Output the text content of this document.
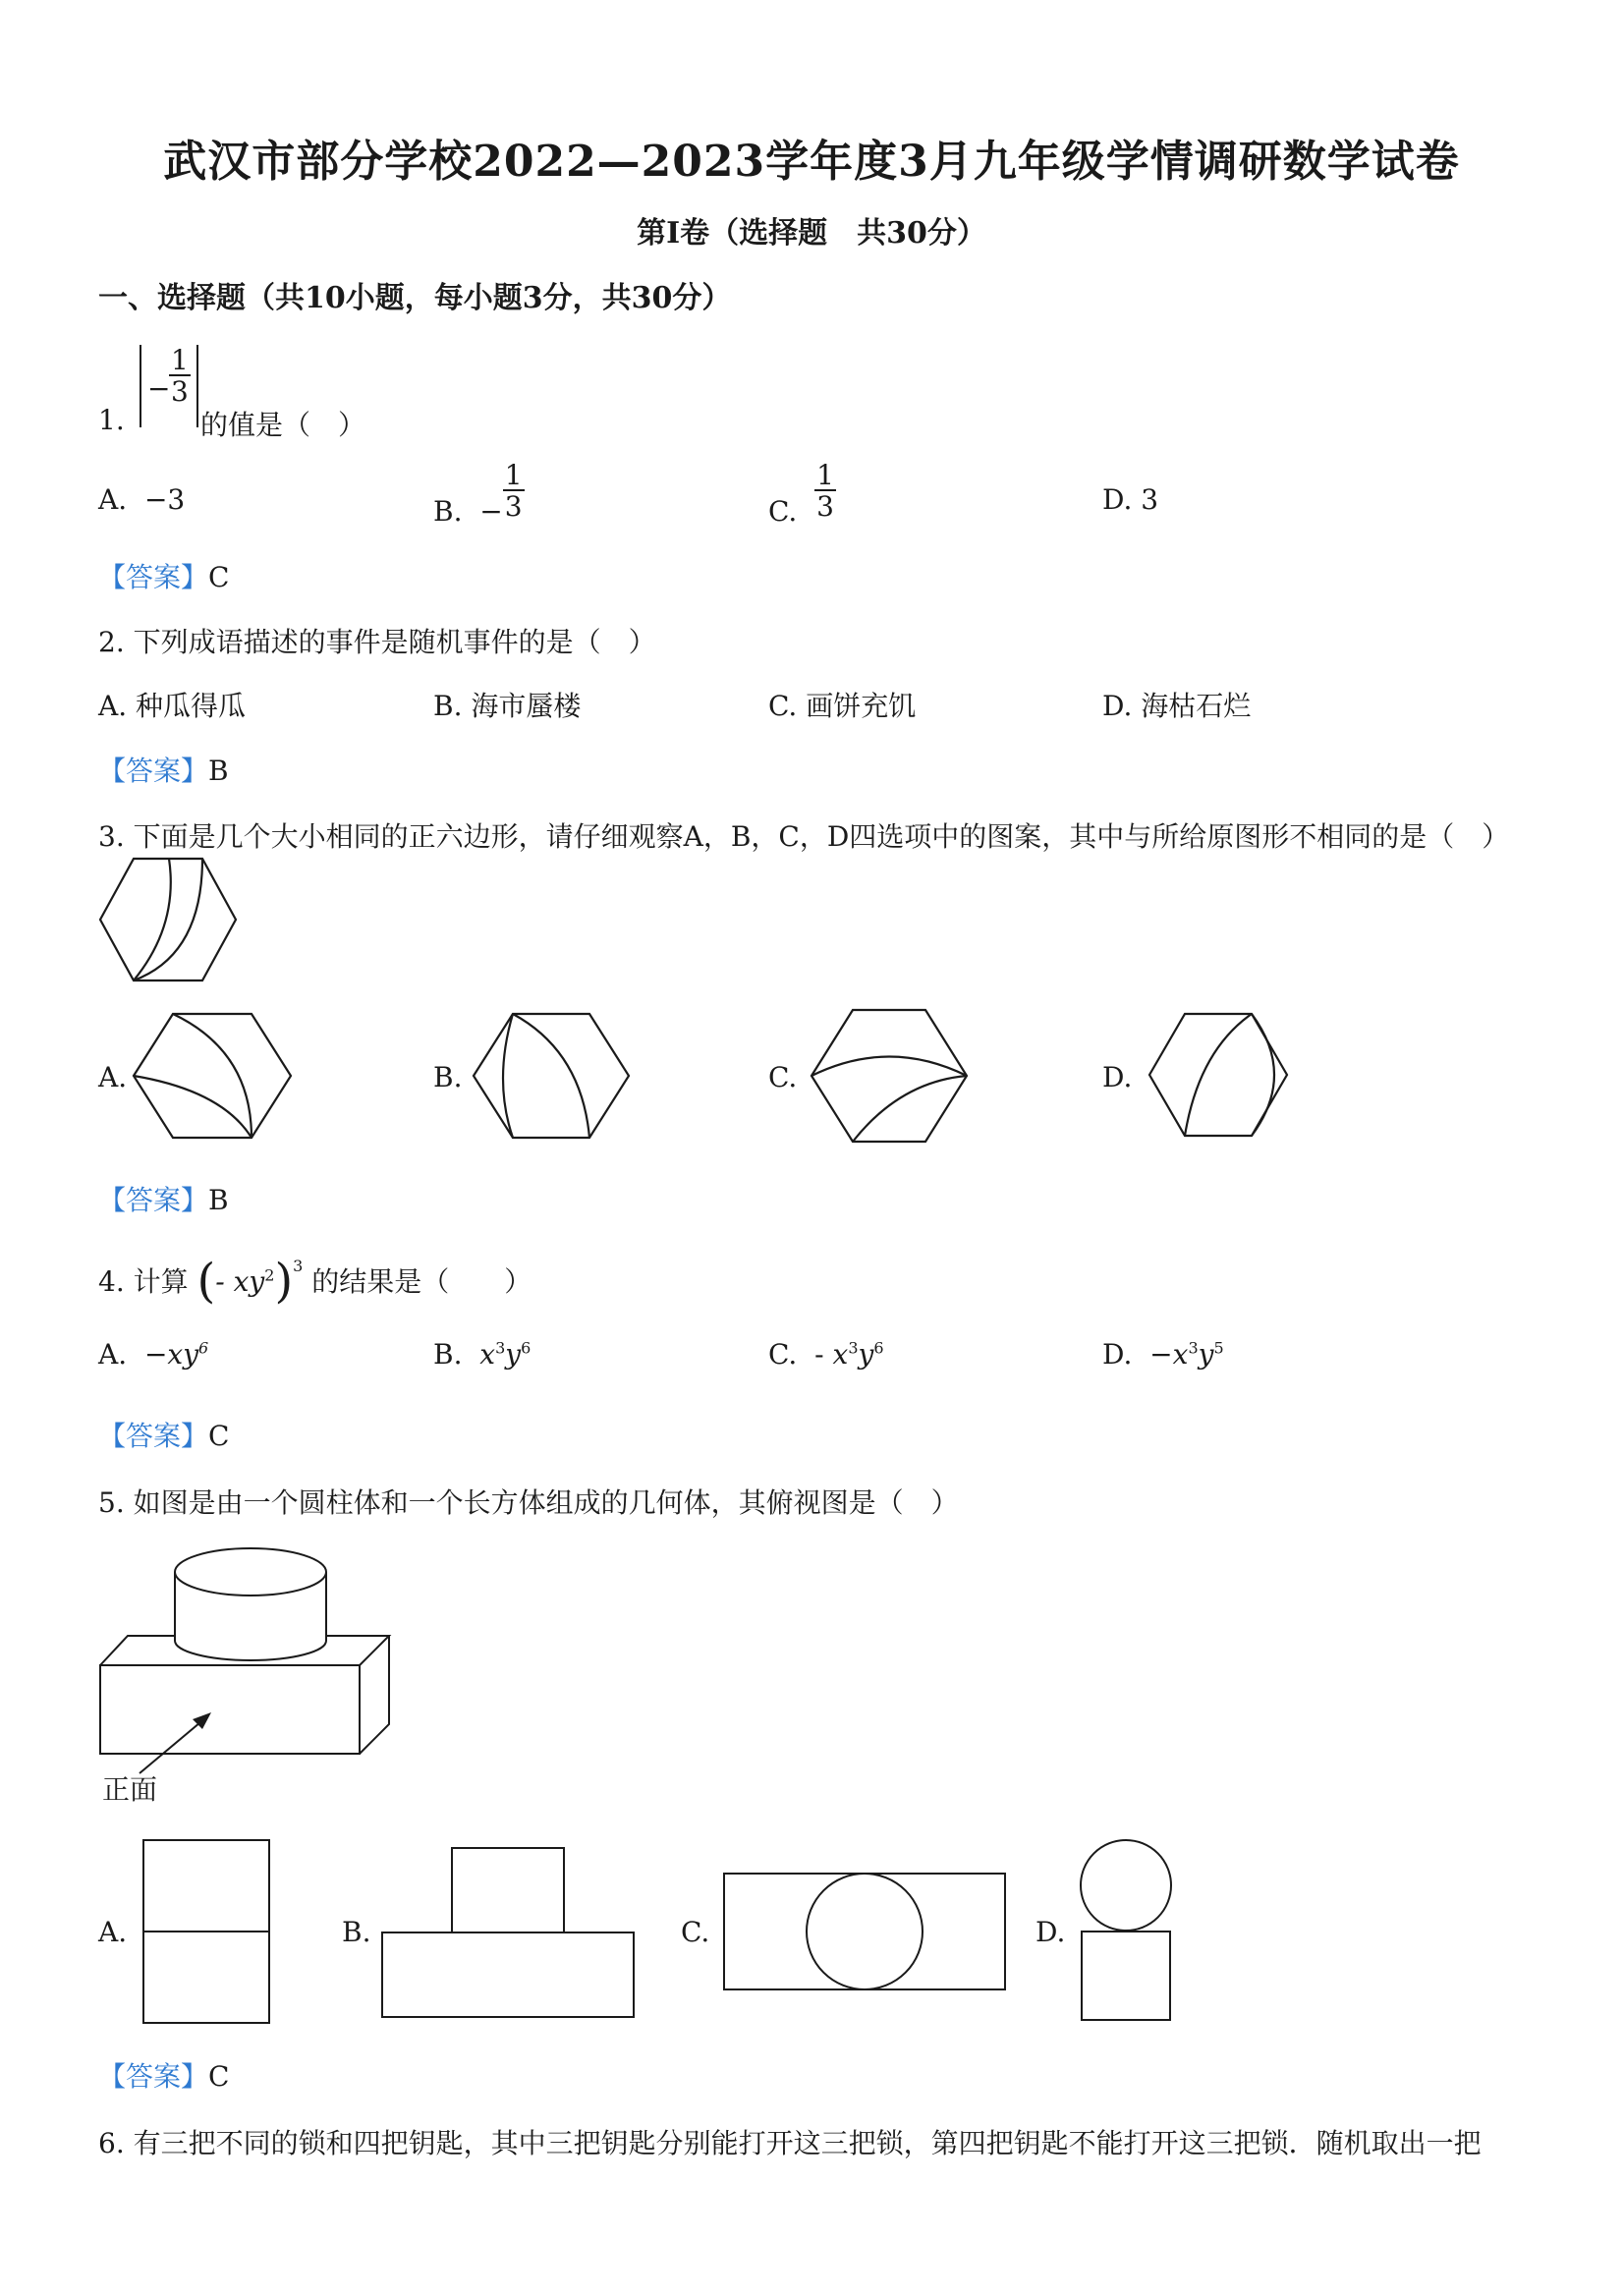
武汉市部分学校2022—2023学年度3月九年级学情调研数学试卷
第Ⅰ卷（选择题　共30分）
一、选择题（共10小题，每小题3分，共30分）
1.
−
$\frac{1}{3}$
的值是（　）
A. −3	B. − $\frac{1}{3}$	C. $\frac{1}{3}$	D. 3
【答案】C
2. 下列成语描述的事件是随机事件的是（　）
A. 种瓜得瓜	B. 海市蜃楼	C. 画饼充饥	D. 海枯石烂
【答案】B
3. 下面是几个大小相同的正六边形，请仔细观察A，B，C，D四选项中的图案，其中与所给原图形不相同的是（　）
A.	B.	C.	D.
【答案】B
4. 计算 (- $xy^2)^3$ 的结果是（　　）
A. $-xy^6$	B. $x^3y^6$	C. - $x^3y^6$	D. $-x^3y^5$
【答案】C
5. 如图是由一个圆柱体和一个长方体组成的几何体，其俯视图是（　）
正面
A.	B.	C.	D.
【答案】C
6. 有三把不同的锁和四把钥匙，其中三把钥匙分别能打开这三把锁，第四把钥匙不能打开这三把锁．随机取出一把
